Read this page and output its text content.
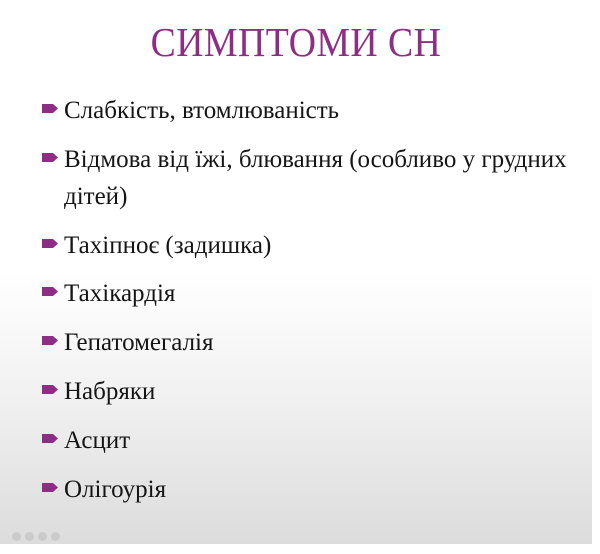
СИМПТОМИ СН
Слабкість, втомлюваність
Відмова від їжі, блювання (особливо у грудних дітей)
Тахіпноє (задишка)
Тахікардія
Гепатомегалія
Набряки
Асцит
Олігоурія
